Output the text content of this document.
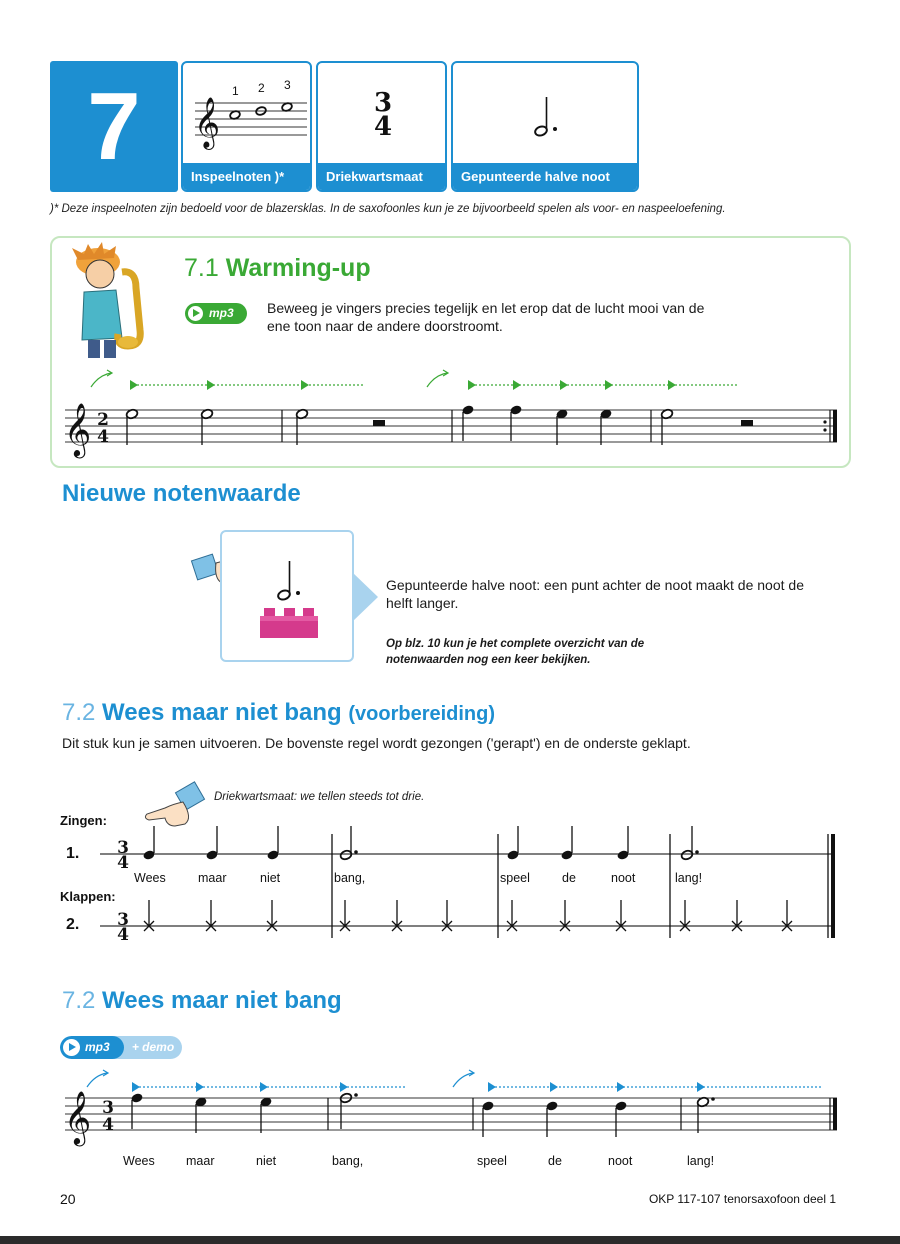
7	𝄞
1 2 3
Inspeelnoten )*
3
4
Driekwartsmaat	Gepunteerde halve noot
)* Deze inspeelnoten zijn bedoeld voor de blazersklas. In de saxofoonles kun je ze bijvoorbeeld spelen als voor- en naspeeloefening.
7.1 Warming-up
mp3	Beweeg je vingers precies tegelijk en let erop dat de lucht mooi van de ene toon naar de andere doorstroomt.
𝄞 2
4
Nieuwe notenwaarde
Gepunteerde halve noot: een punt achter de noot maakt de noot de helft langer.
Op blz. 10 kun je het complete overzicht van de notenwaarden nog een keer bekijken.
7.2 Wees maar niet bang (voorbereiding)
Dit stuk kun je samen uitvoeren. De bovenste regel wordt gezongen ('gerapt') en de onderste geklapt.
Driekwartsmaat: we tellen steeds tot drie.
Zingen:
1.
Klappen:
2.
3
4
3
4
Wees	maar	niet	bang,	speel	de	noot	lang!
7.2 Wees maar niet bang
mp3	+ demo
𝄞 3
4
Wees	maar	niet	bang,	speel	de	noot	lang!
20	OKP 117-107 tenorsaxofoon deel 1
